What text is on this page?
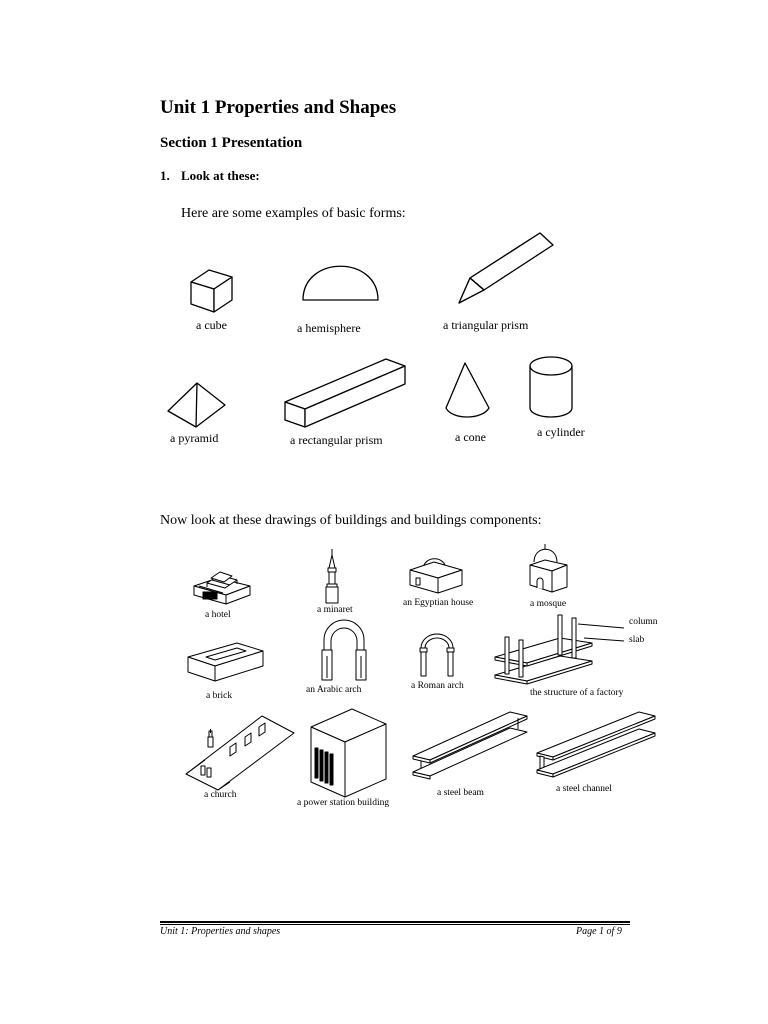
Unit 1 Properties and Shapes
Section 1 Presentation
1. Look at these:
Here are some examples of basic forms:
a cube	a hemisphere	a triangular prism
a pyramid	a rectangular prism	a cone	a cylinder
Now look at these drawings of buildings and buildings components:
a hotel	a minaret
an Egyptian house	a mosque
column
slab
a brick
an Arabic arch	a Roman arch
the structure of a factory
a church
a power station building
a steel beam	a steel channel
Unit 1: Properties and shapes	Page 1 of 9
